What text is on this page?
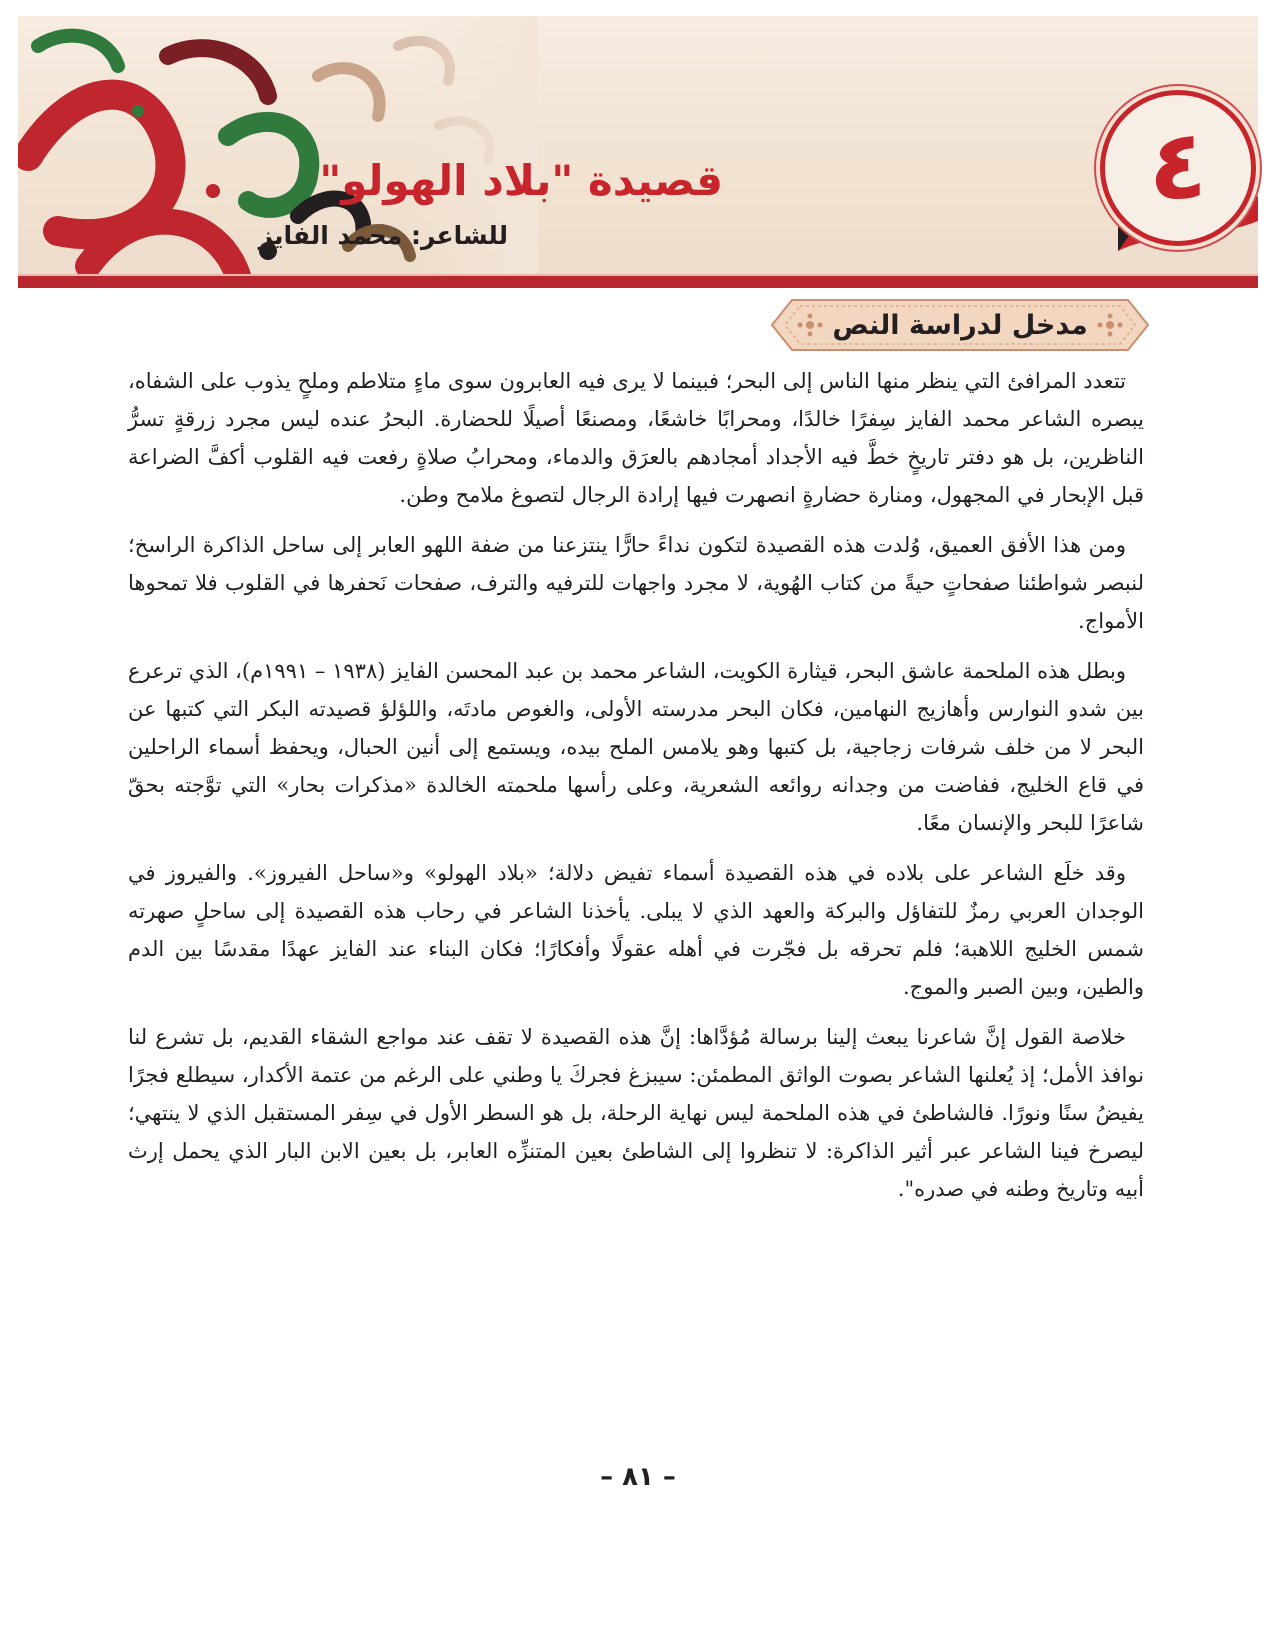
قصيدة "بلاد الهولو"
للشاعر: محمد الفايز
٤
مدخل لدراسة النص

تتعدد المرافئ التي ينظر منها الناس إلى البحر؛ فبينما لا يرى فيه العابرون سوى ماءٍ متلاطم وملحٍ يذوب على الشفاه، يبصره الشاعر محمد الفايز سِفرًا خالدًا، ومحرابًا خاشعًا، ومصنعًا أصيلًا للحضارة. البحرُ عنده ليس مجرد زرقةٍ تسرُّ الناظرين، بل هو دفتر تاريخٍ خطَّ فيه الأجداد أمجادهم بالعرَق والدماء، ومحرابُ صلاةٍ رفعت فيه القلوب أكفَّ الضراعة قبل الإبحار في المجهول، ومنارة حضارةٍ انصهرت فيها إرادة الرجال لتصوغ ملامح وطن.

ومن هذا الأفق العميق، وُلدت هذه القصيدة لتكون نداءً حارًّا ينتزعنا من ضفة اللهو العابر إلى ساحل الذاكرة الراسخ؛ لنبصر شواطئنا صفحاتٍ حيةً من كتاب الهُوية، لا مجرد واجهات للترفيه والترف، صفحات نَحفرها في القلوب فلا تمحوها الأمواج.

وبطل هذه الملحمة عاشق البحر، قيثارة الكويت، الشاعر محمد بن عبد المحسن الفايز (١٩٣٨ – ١٩٩١م)، الذي ترعرع بين شدو النوارس وأهازيج النهامين، فكان البحر مدرسته الأولى، والغوص مادتَه، واللؤلؤ قصيدته البكر التي كتبها عن البحر لا من خلف شرفات زجاجية، بل كتبها وهو يلامس الملح بيده، ويستمع إلى أنين الحبال، ويحفظ أسماء الراحلين في قاع الخليج، ففاضت من وجدانه روائعه الشعرية، وعلى رأسها ملحمته الخالدة «مذكرات بحار» التي توَّجته بحقّ شاعرًا للبحر والإنسان معًا.

وقد خلَع الشاعر على بلاده في هذه القصيدة أسماء تفيض دلالة؛ «بلاد الهولو» و«ساحل الفيروز». والفيروز في الوجدان العربي رمزٌ للتفاؤل والبركة والعهد الذي لا يبلى. يأخذنا الشاعر في رحاب هذه القصيدة إلى ساحلٍ صهرته شمس الخليج اللاهبة؛ فلم تحرقه بل فجّرت في أهله عقولًا وأفكارًا؛ فكان البناء عند الفايز عهدًا مقدسًا بين الدم والطين، وبين الصبر والموج.

خلاصة القول إنَّ شاعرنا يبعث إلينا برسالة مُؤدَّاها: إنَّ هذه القصيدة لا تقف عند مواجع الشقاء القديم، بل تشرع لنا نوافذ الأمل؛ إذ يُعلنها الشاعر بصوت الواثق المطمئن: سيبزغ فجركَ يا وطني على الرغم من عتمة الأكدار، سيطلع فجرًا يفيضُ سنًا ونورًا. فالشاطئ في هذه الملحمة ليس نهاية الرحلة، بل هو السطر الأول في سِفر المستقبل الذي لا ينتهي؛ ليصرخ فينا الشاعر عبر أثير الذاكرة: لا تنظروا إلى الشاطئ بعين المتنزِّه العابر، بل بعين الابن البار الذي يحمل إرث أبيه وتاريخ وطنه في صدره".

– ٨١ –
